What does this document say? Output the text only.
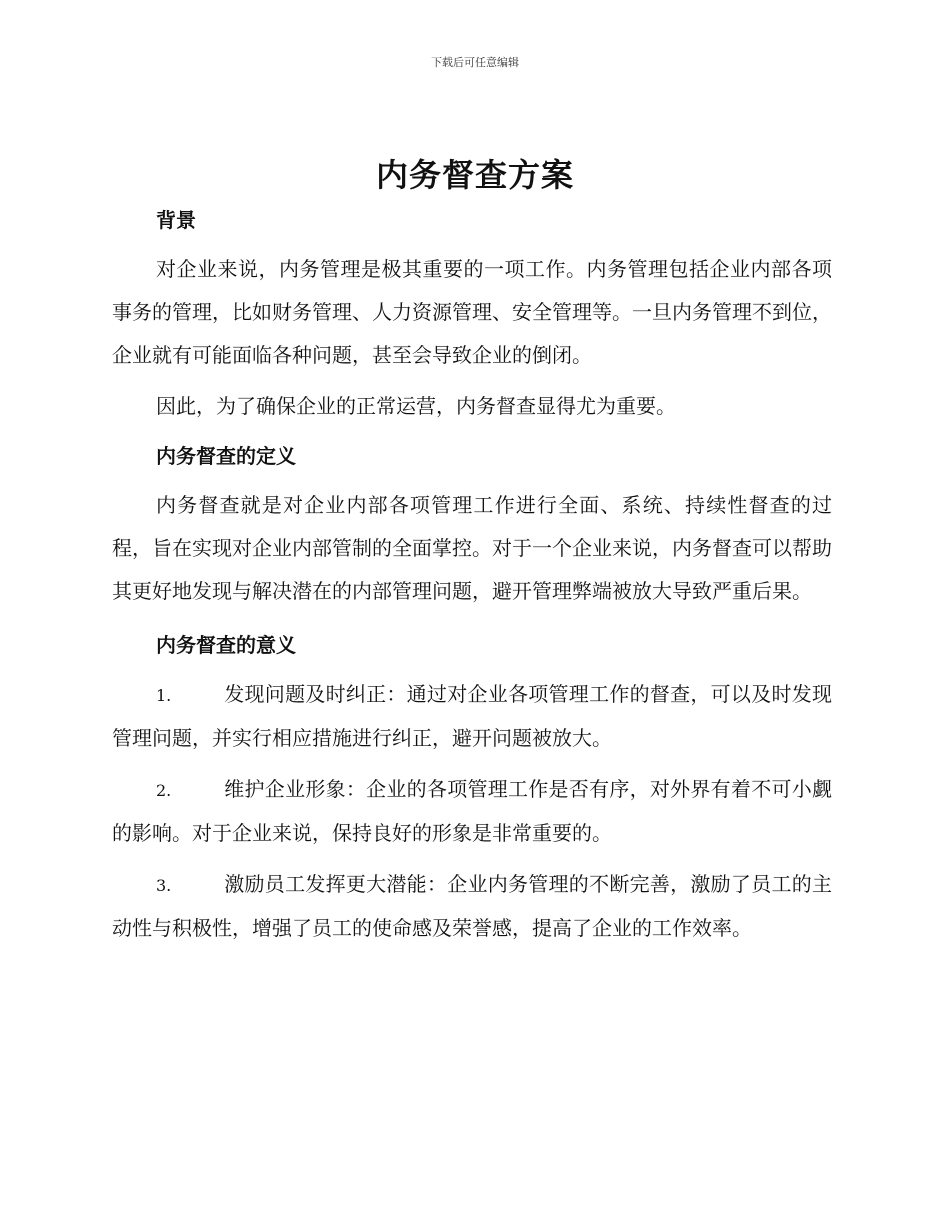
下载后可任意编辑
内务督查方案

背景

对企业来说，内务管理是极其重要的一项工作。内务管理包括企业内部各项事务的管理，比如财务管理、人力资源管理、安全管理等。一旦内务管理不到位，企业就有可能面临各种问题，甚至会导致企业的倒闭。

因此，为了确保企业的正常运营，内务督查显得尤为重要。

内务督查的定义

内务督查就是对企业内部各项管理工作进行全面、系统、持续性督查的过程，旨在实现对企业内部管制的全面掌控。对于一个企业来说，内务督查可以帮助其更好地发现与解决潜在的内部管理问题，避开管理弊端被放大导致严重后果。

内务督查的意义

1.	发现问题及时纠正：通过对企业各项管理工作的督查，可以及时发现管理问题，并实行相应措施进行纠正，避开问题被放大。

2.	维护企业形象：企业的各项管理工作是否有序，对外界有着不可小觑的影响。对于企业来说，保持良好的形象是非常重要的。

3.	激励员工发挥更大潜能：企业内务管理的不断完善，激励了员工的主动性与积极性，增强了员工的使命感及荣誉感，提高了企业的工作效率。
